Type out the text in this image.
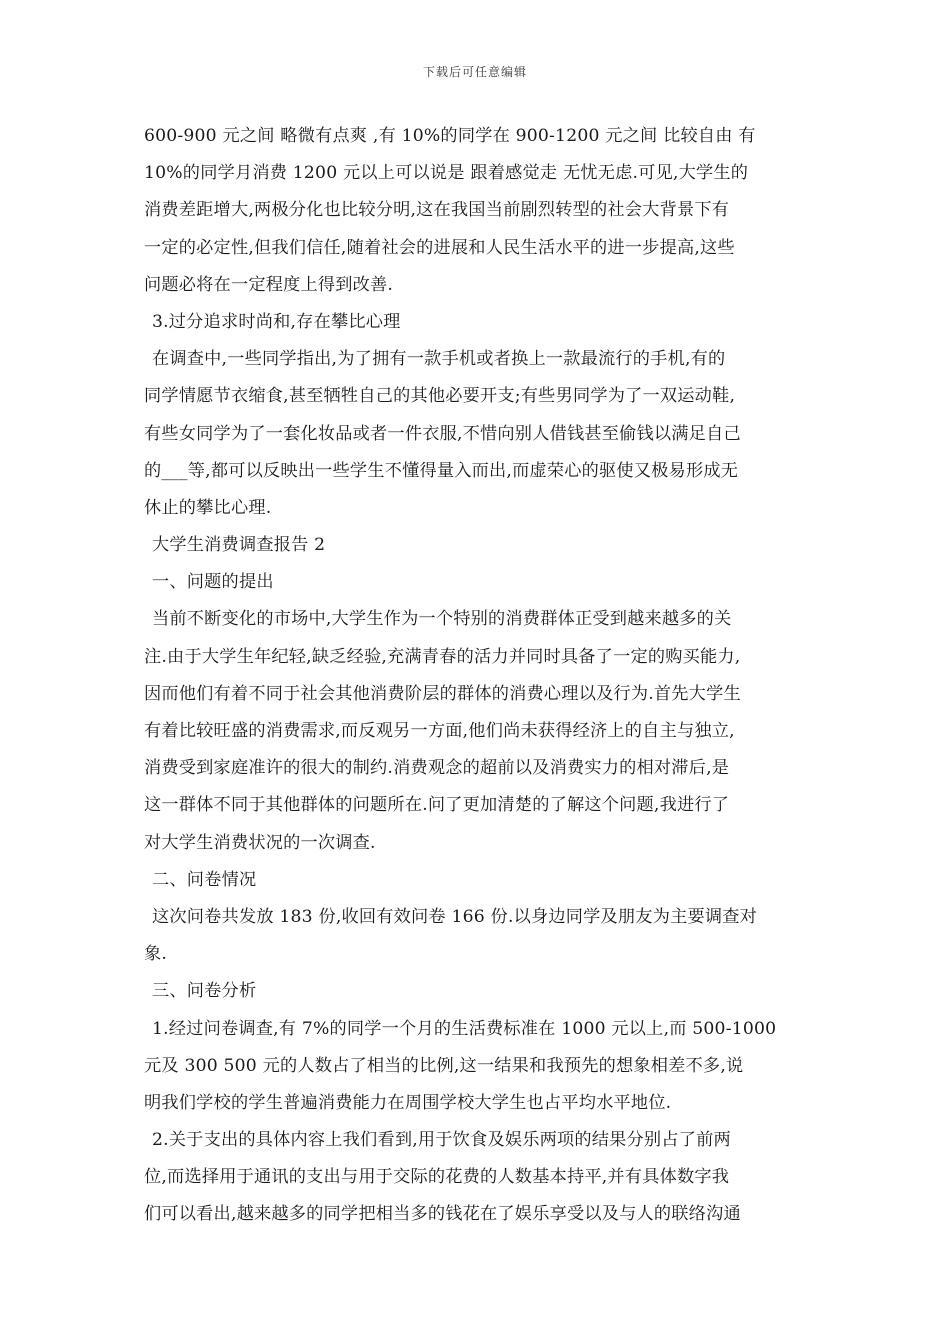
下载后可任意编辑
600-900 元之间 略微有点爽 ,有 10%的同学在 900-1200 元之间 比较自由 有
10%的同学月消费 1200 元以上可以说是 跟着感觉走 无忧无虑.可见,大学生的
消费差距增大,两极分化也比较分明,这在我国当前剧烈转型的社会大背景下有
一定的必定性,但我们信任,随着社会的进展和人民生活水平的进一步提高,这些
问题必将在一定程度上得到改善.
3.过分追求时尚和,存在攀比心理
在调查中,一些同学指出,为了拥有一款手机或者换上一款最流行的手机,有的
同学情愿节衣缩食,甚至牺牲自己的其他必要开支;有些男同学为了一双运动鞋,
有些女同学为了一套化妆品或者一件衣服,不惜向别人借钱甚至偷钱以满足自己
的___等,都可以反映出一些学生不懂得量入而出,而虚荣心的驱使又极易形成无
休止的攀比心理.
大学生消费调查报告 2
一、问题的提出
当前不断变化的市场中,大学生作为一个特别的消费群体正受到越来越多的关
注.由于大学生年纪轻,缺乏经验,充满青春的活力并同时具备了一定的购买能力,
因而他们有着不同于社会其他消费阶层的群体的消费心理以及行为.首先大学生
有着比较旺盛的消费需求,而反观另一方面,他们尚未获得经济上的自主与独立,
消费受到家庭准许的很大的制约.消费观念的超前以及消费实力的相对滞后,是
这一群体不同于其他群体的问题所在.问了更加清楚的了解这个问题,我进行了
对大学生消费状况的一次调查.
二、问卷情况
这次问卷共发放 183 份,收回有效问卷 166 份.以身边同学及朋友为主要调查对
象.
三、问卷分析
1.经过问卷调查,有 7%的同学一个月的生活费标准在 1000 元以上,而 500-1000
元及 300 500 元的人数占了相当的比例,这一结果和我预先的想象相差不多,说
明我们学校的学生普遍消费能力在周围学校大学生也占平均水平地位.
2.关于支出的具体内容上我们看到,用于饮食及娱乐两项的结果分别占了前两
位,而选择用于通讯的支出与用于交际的花费的人数基本持平,并有具体数字我
们可以看出,越来越多的同学把相当多的钱花在了娱乐享受以及与人的联络沟通
